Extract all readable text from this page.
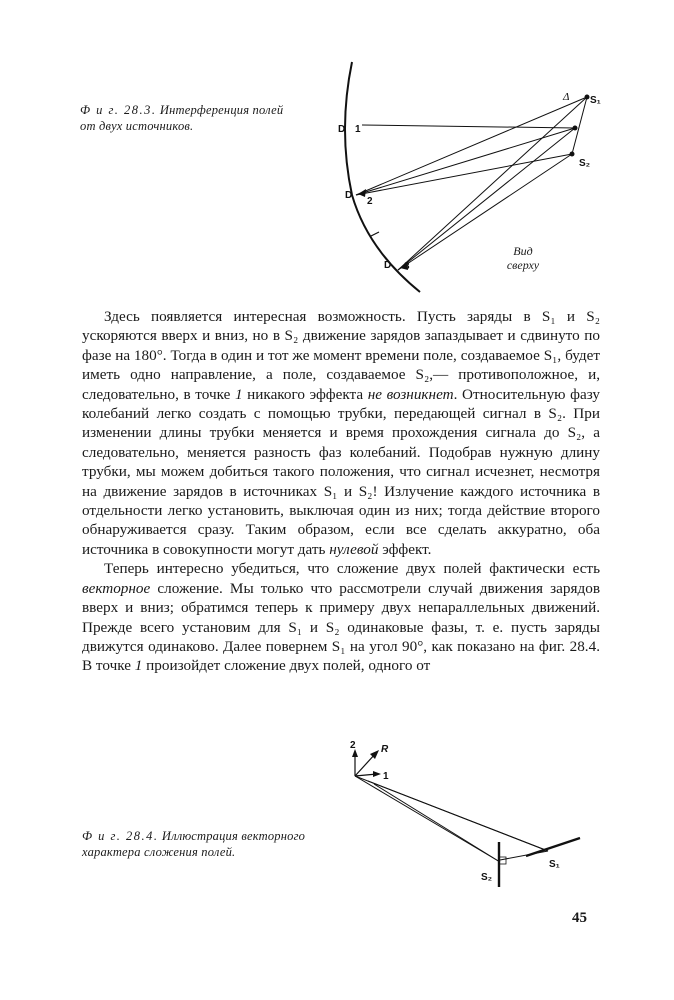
Ф и г. 28.3. Интерференция полей от двух источников.
S₁
Δ
S₂
D 1
D
2
D 3
Вид сверху
2	R
1
S₁
S₂

Здесь появляется интересная возможность. Пусть заряды в S₁ и S₂ ускоряются вверх и вниз, но в S₂ движение зарядов запаздывает и сдвинуто по фазе на 180°. Тогда в один и тот же момент времени поле, создаваемое S₁, будет иметь одно направление, а поле, создаваемое S₂,— противоположное, и, следовательно, в точке 1 никакого эффекта не возникнет. Относительную фазу колебаний легко создать с помощью трубки, передающей сигнал в S₂. При изменении длины трубки меняется и время прохождения сигнала до S₂, а следовательно, меняется разность фаз колебаний. Подобрав нужную длину трубки, мы можем добиться такого положения, что сигнал исчезнет, несмотря на движение зарядов в источниках S₁ и S₂! Излучение каждого источника в отдельности легко установить, выключая один из них; тогда действие второго обнаруживается сразу. Таким образом, если все сделать аккуратно, оба источника в совокупности могут дать нулевой эффект.

Теперь интересно убедиться, что сложение двух полей фактически есть векторное сложение. Мы только что рассмотрели случай движения зарядов вверх и вниз; обратимся теперь к примеру двух непараллельных движений. Прежде всего установим для S₁ и S₂ одинаковые фазы, т. е. пусть заряды движутся одинаково. Далее повернем S₁ на угол 90°, как показано на фиг. 28.4. В точке 1 произойдет сложение двух полей, одного от

Ф и г. 28.4. Иллюстрация векторного характера сложения полей.
45
